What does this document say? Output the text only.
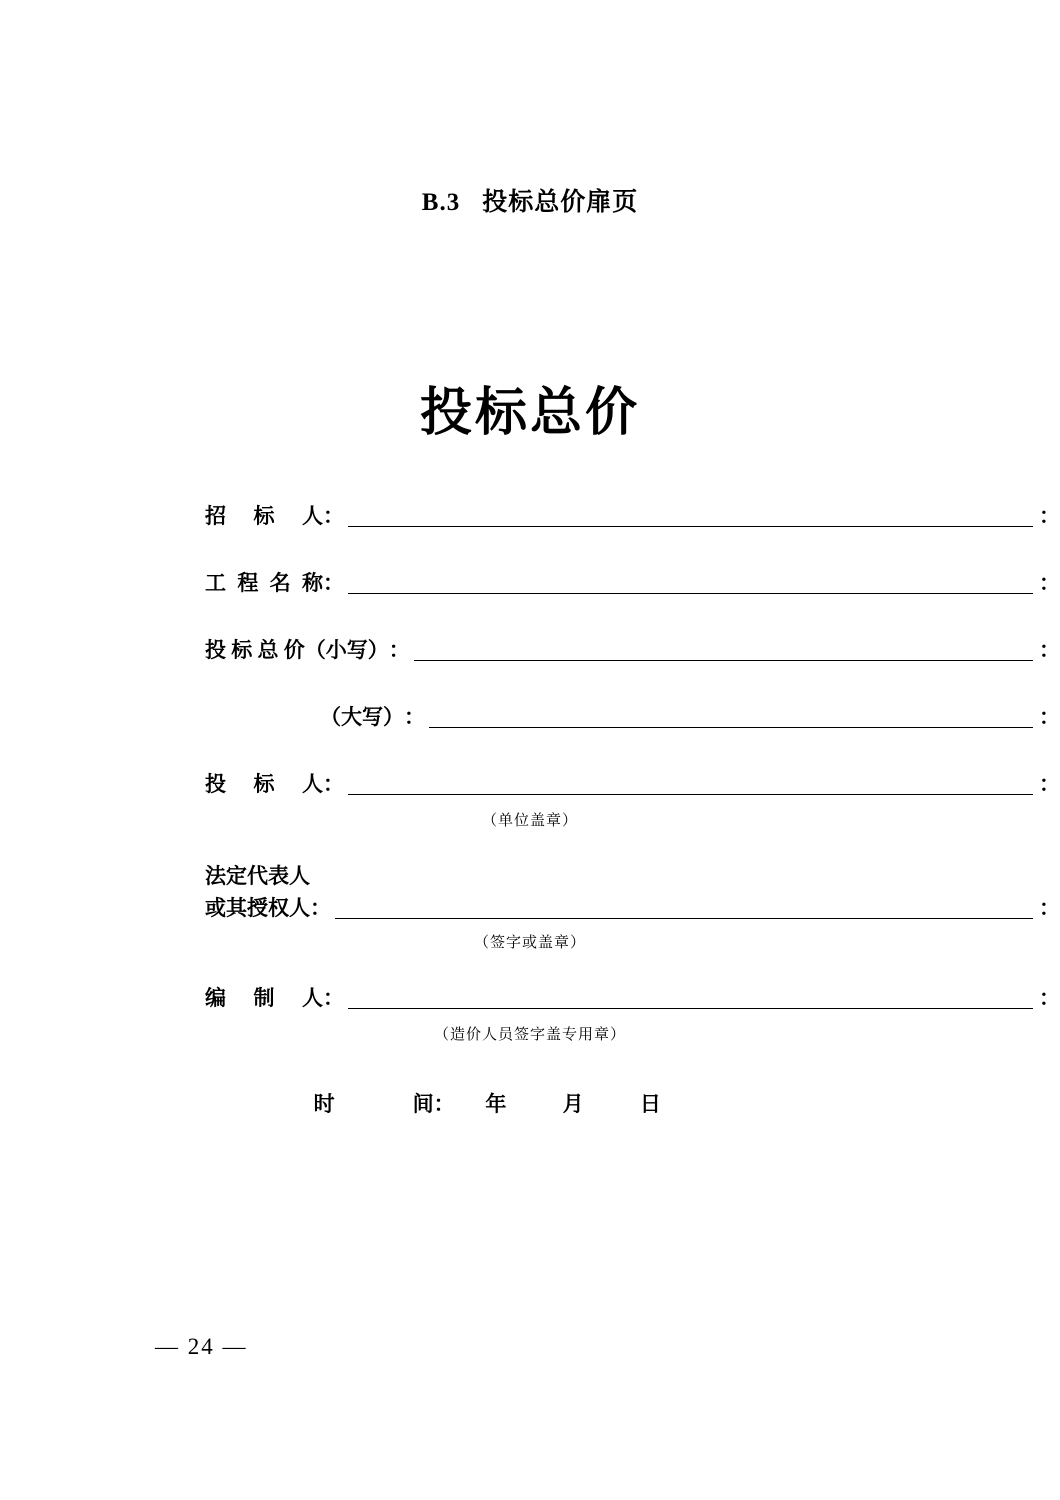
B.3 投标总价扉页
投标总价
招　标　人 ：	：
工 程 名 称 ：	：
投 标 总 价（小写） ：	：
（大写） ：	：
投　标　人 ：	：
（单位盖章）
法定代表人
或其授权人 ：	：
（签字或盖章）
编　制　人 ：	：
（造价人员签字盖专用章）
时　　间： 年	月	日
— 24 —
